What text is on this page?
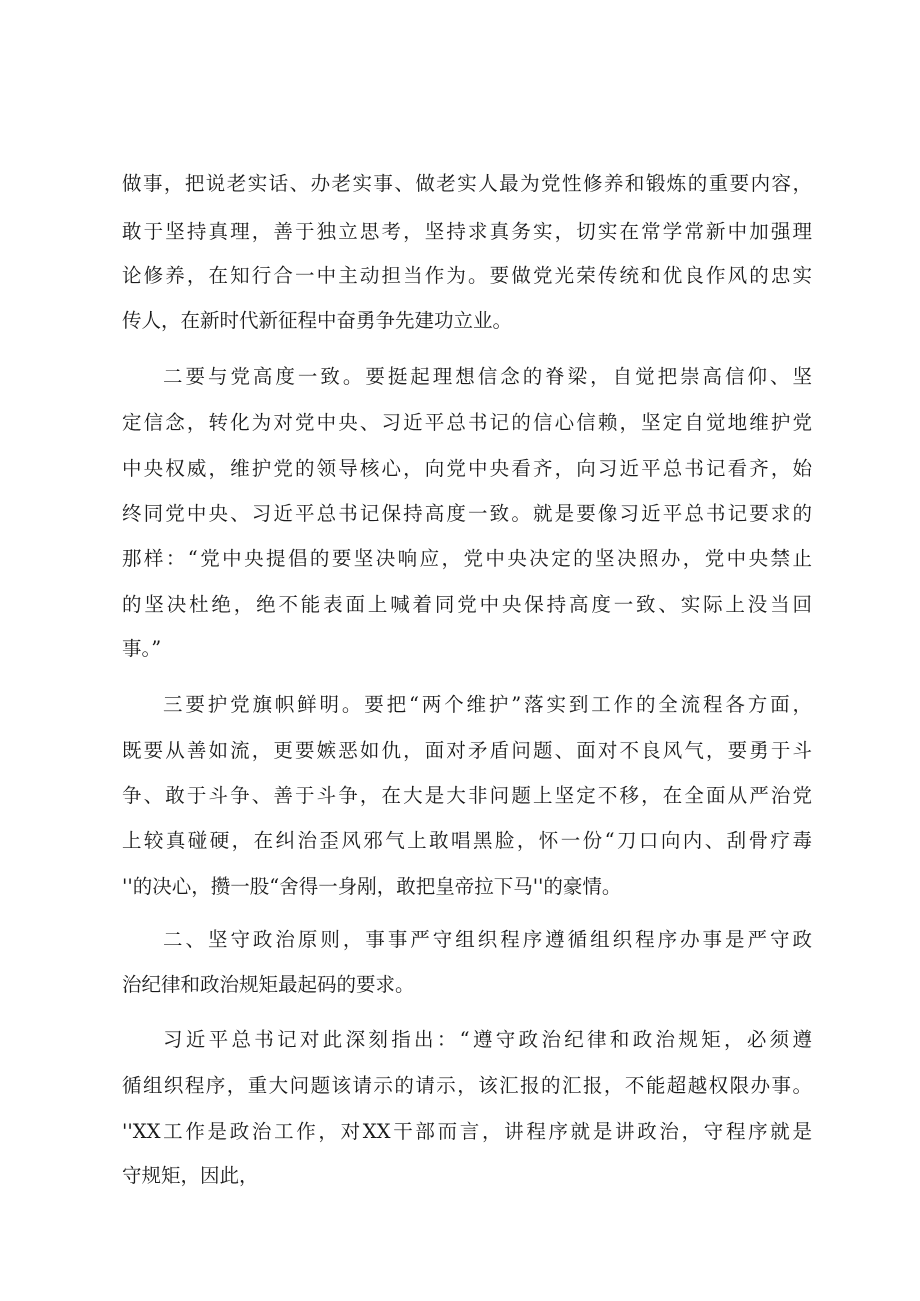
做事，把说老实话、办老实事、做老实人最为党性修养和锻炼的重要内容，
敢于坚持真理，善于独立思考，坚持求真务实，切实在常学常新中加强理
论修养，在知行合一中主动担当作为。要做党光荣传统和优良作风的忠实
传人，在新时代新征程中奋勇争先建功立业。
二要与党高度一致。要挺起理想信念的脊梁，自觉把崇高信仰、坚
定信念，转化为对党中央、习近平总书记的信心信赖，坚定自觉地维护党
中央权威，维护党的领导核心，向党中央看齐，向习近平总书记看齐，始
终同党中央、习近平总书记保持高度一致。就是要像习近平总书记要求的
那样：“党中央提倡的要坚决响应，党中央决定的坚决照办，党中央禁止
的坚决杜绝，绝不能表面上喊着同党中央保持高度一致、实际上没当回
事。”
三要护党旗帜鲜明。要把“两个维护”落实到工作的全流程各方面，
既要从善如流，更要嫉恶如仇，面对矛盾问题、面对不良风气，要勇于斗
争、敢于斗争、善于斗争，在大是大非问题上坚定不移，在全面从严治党
上较真碰硬，在纠治歪风邪气上敢唱黑脸，怀一份“刀口向内、刮骨疗毒
''的决心，攒一股“舍得一身剐，敢把皇帝拉下马''的豪情。
二、坚守政治原则，事事严守组织程序遵循组织程序办事是严守政
治纪律和政治规矩最起码的要求。
习近平总书记对此深刻指出：“遵守政治纪律和政治规矩，必须遵
循组织程序，重大问题该请示的请示，该汇报的汇报，不能超越权限办事。
''XX工作是政治工作，对XX干部而言，讲程序就是讲政治，守程序就是
守规矩，因此，
